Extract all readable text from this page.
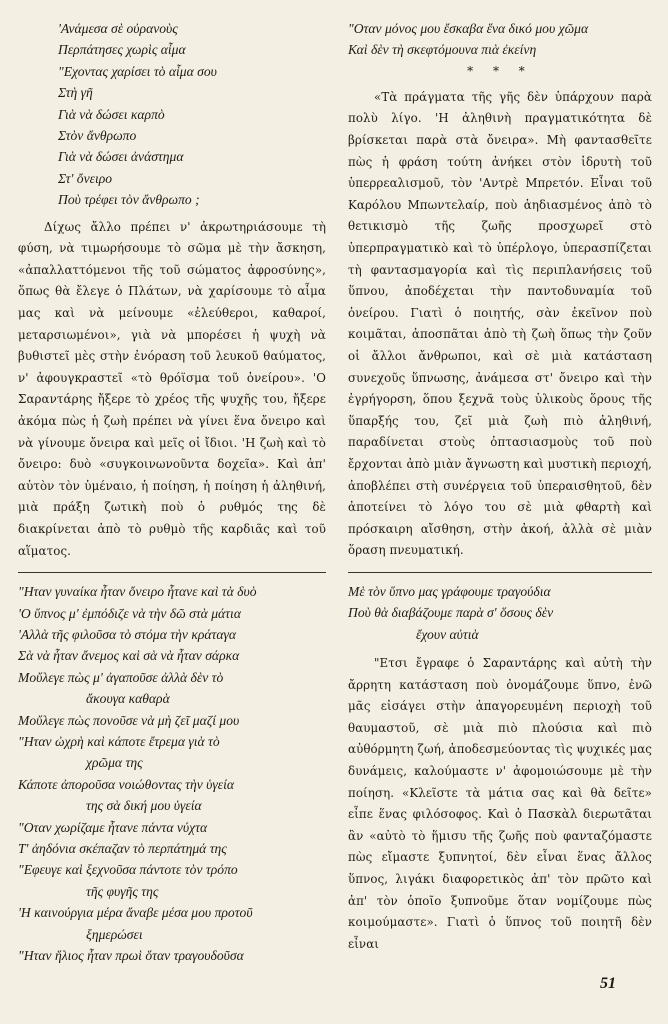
'Ανάμεσα σὲ οὐρανοὺς
Περπάτησες χωρὶς αἷμα
"Εχοντας χαρίσει τὸ αἷμα σου
Στὴ γῆ
Γιὰ νὰ δώσει καρπὸ
Στὸν ἄνθρωπο
Γιὰ νὰ δώσει ἀνάστημα
Στ' ὄνειρο
Ποὺ τρέφει τὸν ἄνθρωπο ;

Δίχως ἄλλο πρέπει ν' ἀκρωτηριάσουμε τὴ φύση, νὰ τιμωρήσουμε τὸ σῶμα μὲ τὴν ἄσκηση, «ἀπαλλαττόμενοι τῆς τοῦ σώματος ἀφροσύνης», ὅπως θὰ ἔλεγε ὁ Πλάτων, νὰ χαρίσουμε τὸ αἷμα μας καὶ νὰ μείνουμε «ἐλεύθεροι, καθαροί, μεταρσιωμένοι», γιὰ νὰ μπορέσει ἡ ψυχὴ νὰ βυθιστεῖ μὲς στὴν ἐνόραση τοῦ λευκοῦ θαύματος, ν' ἀφουγκραστεῖ «τὸ θρόϊσμα τοῦ ὀνείρου». 'Ο Σαραντάρης ἤξερε τὸ χρέος τῆς ψυχῆς του, ἤξερε ἀκόμα πὼς ἡ ζωὴ πρέπει νὰ γίνει ἕνα ὄνειρο καὶ νὰ γίνουμε ὄνειρα καὶ μεῖς οἱ ἴδιοι. 'Η ζωὴ καὶ τὸ ὄνειρο: δυὸ «συγκοινωνοῦντα δοχεῖα». Καὶ ἀπ' αὐτὸν τὸν ὑμέναιο, ἡ ποίηση, ἡ ποίηση ἡ ἀληθινή, μιὰ πράξη ζωτικὴ ποὺ ὁ ρυθμός της δὲ διακρίνεται ἀπὸ τὸ ρυθμὸ τῆς καρδιᾶς καὶ τοῦ αἵματος.

"Ηταν γυναίκα ἦταν ὄνειρο ἦτανε καὶ τὰ δυὸ
'Ο ὕπνος μ' ἐμπόδιζε νὰ τὴν δῶ στὰ μάτια
'Αλλὰ τῆς φιλοῦσα τὸ στόμα τὴν κράταγα
Σὰ νὰ ἦταν ἄνεμος καὶ σὰ νὰ ἦταν σάρκα
Μοὔλεγε πὼς μ' ἀγαποῦσε ἀλλὰ δὲν τὸ
ἄκουγα καθαρὰ
Μοὔλεγε πὼς πονοῦσε νὰ μὴ ζεῖ μαζί μου
"Ηταν ὠχρὴ καὶ κάποτε ἔτρεμα γιὰ τὸ
χρῶμα της
Κάποτε ἀποροῦσα νοιώθοντας τὴν ὑγεία
της σὰ δική μου ὑγεία
"Οταν χωρίζαμε ἦτανε πάντα νύχτα
Τ' ἀηδόνια σκέπαζαν τὸ περπάτημά της
"Εφευγε καὶ ξεχνοῦσα πάντοτε τὸν τρόπο
τῆς φυγῆς της
'Η καινούργια μέρα ἄναβε μέσα μου προτοῦ
ξημερώσει
"Ηταν ἥλιος ἦταν πρωὶ ὅταν τραγουδοῦσα
"Οταν μόνος μου ἔσκαβα ἕνα δικό μου χῶμα
Καὶ δὲν τὴ σκεφτόμουνα πιὰ ἐκείνη
* * *

«Τὰ πράγματα τῆς γῆς δὲν ὑπάρχουν παρὰ πολὺ λίγο. 'Η ἀληθινὴ πραγματικότητα δὲ βρίσκεται παρὰ στὰ ὄνειρα». Μὴ φαντασθεῖτε πὼς ἡ φράση τούτη ἀνήκει στὸν ἱδρυτὴ τοῦ ὑπερρεαλισμοῦ, τὸν 'Αντρὲ Μπρετόν. Εἶναι τοῦ Καρόλου Μπωντελαίρ, ποὺ ἀηδιασμένος ἀπὸ τὸ θετικισμὸ τῆς ζωῆς προσχωρεῖ στὸ ὑπερπραγματικὸ καὶ τὸ ὑπέρλογο, ὑπερασπίζεται τὴ φαντασμαγορία καὶ τὶς περιπλανήσεις τοῦ ὕπνου, ἀποδέχεται τὴν παντοδυναμία τοῦ ὀνείρου. Γιατὶ ὁ ποιητής, σὰν ἐκεῖνον ποὺ κοιμᾶται, ἀποσπᾶται ἀπὸ τὴ ζωὴ ὅπως τὴν ζοῦν οἱ ἄλλοι ἄνθρωποι, καὶ σὲ μιὰ κατάσταση συνεχοῦς ὕπνωσης, ἀνάμεσα στ' ὄνειρο καὶ τὴν ἐγρήγορση, ὅπου ξεχνᾶ τοὺς ὑλικοὺς ὅρους τῆς ὕπαρξής του, ζεῖ μιὰ ζωὴ πιὸ ἀληθινή, παραδίνεται στοὺς ὀπτασιασμοὺς τοῦ ποὺ ἔρχονται ἀπὸ μιὰν ἄγνωστη καὶ μυστικὴ περιοχή, ἀποβλέπει στὴ συνέργεια τοῦ ὑπεραισθητοῦ, δὲν ἀποτείνει τὸ λόγο του σὲ μιὰ φθαρτὴ καὶ πρόσκαιρη αἴσθηση, στὴν ἀκοή, ἀλλὰ σὲ μιὰν ὅραση πνευματική.

Μὲ τὸν ὕπνο μας γράφουμε τραγούδια
Ποὺ θὰ διαβάζουμε παρὰ σ' ὅσους δὲν
ἔχουν αὐτιὰ

"Ετσι ἔγραφε ὁ Σαραντάρης καὶ αὐτὴ τὴν ἄρρητη κατάσταση ποὺ ὀνομάζουμε ὕπνο, ἐνῶ μᾶς εἰσάγει στὴν ἀπαγορευμένη περιοχὴ τοῦ θαυμαστοῦ, σὲ μιὰ πιὸ πλούσια καὶ πιὸ αὐθόρμητη ζωή, ἀποδεσμεύοντας τὶς ψυχικές μας δυνάμεις, καλούμαστε ν' ἀφομοιώσουμε μὲ τὴν ποίηση. «Κλεῖστε τὰ μάτια σας καὶ θὰ δεῖτε» εἶπε ἕνας φιλόσοφος. Καὶ ὁ Πασκὰλ διερωτᾶται ἂν «αὐτὸ τὸ ἥμισυ τῆς ζωῆς ποὺ φανταζόμαστε πὼς εἴμαστε ξυπνητοί, δὲν εἶναι ἕνας ἄλλος ὕπνος, λιγάκι διαφορετικὸς ἀπ' τὸν πρῶτο καὶ ἀπ' τὸν ὁποῖο ξυπνοῦμε ὅταν νομίζουμε πὼς κοιμούμαστε». Γιατὶ ὁ ὕπνος τοῦ ποιητῆ δὲν εἶναι

51
